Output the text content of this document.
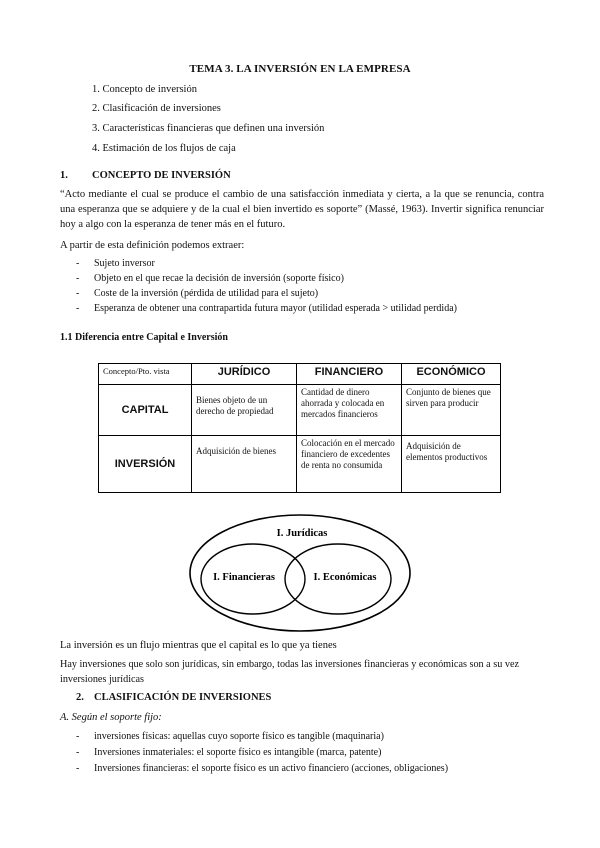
TEMA 3. LA INVERSIÓN EN LA EMPRESA
1. Concepto de inversión
2. Clasificación de inversiones
3. Características financieras que definen una inversión
4. Estimación de los flujos de caja
1. CONCEPTO DE INVERSIÓN
“Acto mediante el cual se produce el cambio de una satisfacción inmediata y cierta, a la que se renuncia, contra una esperanza que se adquiere y de la cual el bien invertido es soporte” (Massé, 1963). Invertir significa renunciar hoy a algo con la esperanza de tener más en el futuro.
A partir de esta definición podemos extraer:
- Sujeto inversor
- Objeto en el que recae la decisión de inversión (soporte físico)
- Coste de la inversión (pérdida de utilidad para el sujeto)
- Esperanza de obtener una contrapartida futura mayor (utilidad esperada > utilidad perdida)
1.1 Diferencia entre Capital e Inversión
Concepto/Pto. vista	JURÍDICO	FINANCIERO	ECONÓMICO
CAPITAL	Bienes objeto de un derecho de propiedad	Cantidad de dinero ahorrada y colocada en mercados financieros	Conjunto de bienes que sirven para producir
INVERSIÓN	Adquisición de bienes	Colocación en el mercado financiero de excedentes de renta no consumida	Adquisición de elementos productivos
I. Jurídicas
I. Financieras	I. Económicas
La inversión es un flujo mientras que el capital es lo que ya tienes
Hay inversiones que solo son jurídicas, sin embargo, todas las inversiones financieras y económicas son a su vez inversiones jurídicas
2. CLASIFICACIÓN DE INVERSIONES
A. Según el soporte fijo:
- inversiones físicas: aquellas cuyo soporte físico es tangible (maquinaria)
- Inversiones inmateriales: el soporte físico es intangible (marca, patente)
- Inversiones financieras: el soporte físico es un activo financiero (acciones, obligaciones)
